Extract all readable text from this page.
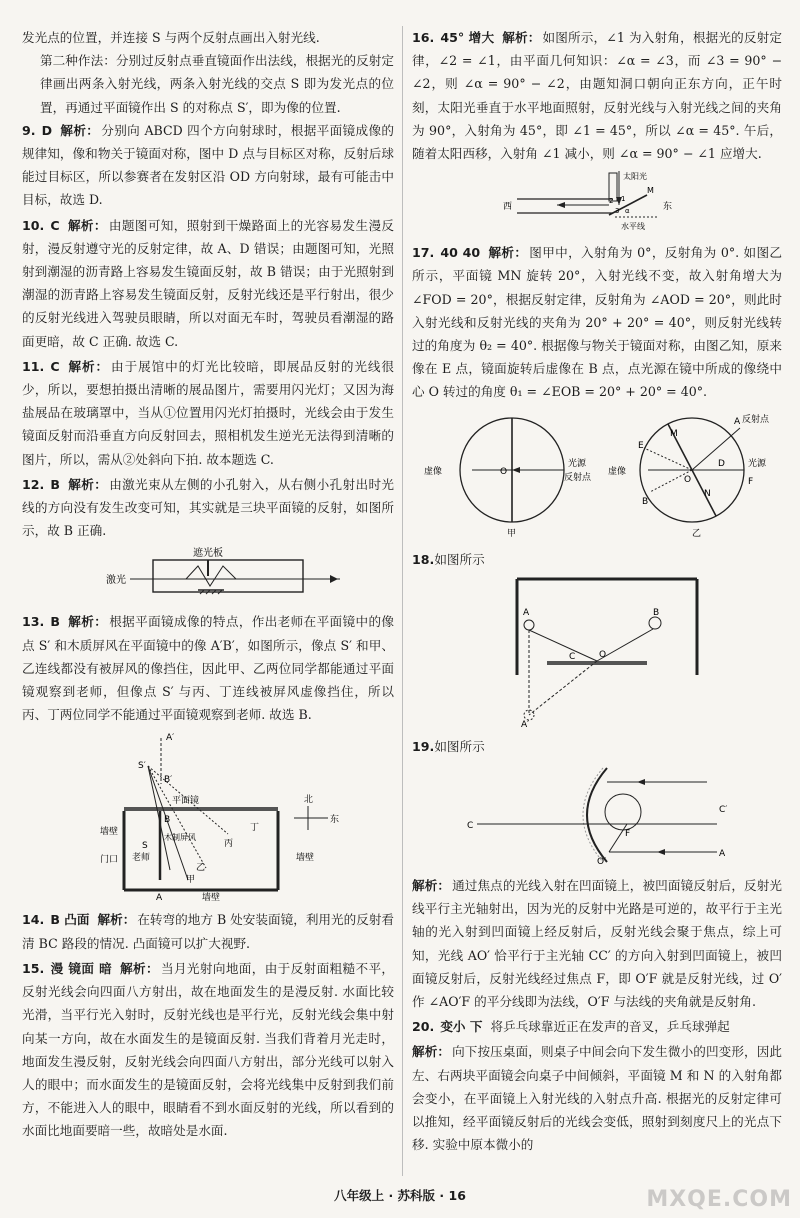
发光点的位置，并连接 S 与两个反射点画出入射光线.

第二种作法：分别过反射点垂直镜面作出法线，根据光的反射定律画出两条入射光线，两条入射光线的交点 S 即为发光点的位置，再通过平面镜作出 S 的对称点 S′，即为像的位置.

9. D 解析： 分别向 ABCD 四个方向射球时，根据平面镜成像的规律知，像和物关于镜面对称，图中 D 点与目标区对称，反射后球能过目标区，所以参赛者在发射区沿 OD 方向射球，最有可能击中目标，故选 D.
10. C 解析： 由题图可知，照射到干燥路面上的光容易发生漫反射，漫反射遵守光的反射定律，故 A、D 错误；由题图可知，光照射到潮湿的沥青路上容易发生镜面反射，故 B 错误；由于光照射到潮湿的沥青路上容易发生镜面反射，反射光线还是平行射出，很少的反射光线进入驾驶员眼睛，所以对面无车时，驾驶员看潮湿的路面更暗，故 C 正确. 故选 C.
11. C 解析： 由于展馆中的灯光比较暗，即展品反射的光线很少，所以，要想拍摄出清晰的展品图片，需要用闪光灯；又因为海盐展品在玻璃罩中，当从①位置用闪光灯拍摄时，光线会由于发生镜面反射而沿垂直方向反射回去，照相机发生逆光无法得到清晰的图片，所以，需从②处斜向下拍. 故本题选 C.
12. B 解析： 由激光束从左侧的小孔射入，从右侧小孔射出时光线的方向没有发生改变可知，其实就是三块平面镜的反射，如图所示，故 B 正确.
遮光板
激光
13. B 解析： 根据平面镜成像的特点，作出老师在平面镜中的像点 S′ 和木质屏风在平面镜中的像 A′B′，如图所示，像点 S′ 和甲、乙连线都没有被屏风的像挡住，因此甲、乙两位同学都能通过平面镜观察到老师，但像点 S′ 与丙、丁连线被屏风虚像挡住，所以丙、丁两位同学不能通过平面镜观察到老师. 故选 B.
A′
S′
B′
平面镜	北
东
墙壁
门口 老师
S
A
B
木制屏风
甲
乙
丙
丁
墙壁
墙壁
14. B 凸面 解析： 在转弯的地方 B 处安装面镜，利用光的反射看清 BC 路段的情况. 凸面镜可以扩大视野.
15. 漫 镜面 暗 解析： 当月光射向地面，由于反射面粗糙不平，反射光线会向四面八方射出，故在地面发生的是漫反射. 水面比较光滑，当平行光入射时，反射光线也是平行光，反射光线会集中射向某一方向，故在水面发生的是镜面反射. 当我们背着月光走时，地面发生漫反射，反射光线会向四面八方射出，部分光线可以射入人的眼中；而水面发生的是镜面反射，会将光线集中反射到我们前方，不能进入人的眼中，眼睛看不到水面反射的光线，所以看到的水面比地面要暗一些，故暗处是水面.
16. 45° 增大 解析： 如图所示，∠1 为入射角，根据光的反射定律，∠2 = ∠1，由平面几何知识：∠α = ∠3，而 ∠3 = 90° − ∠2，则 ∠α = 90° − ∠2，由题知洞口朝向正东方向，正午时刻，太阳光垂直于水平地面照射，反射光线与入射光线之间的夹角为 90°，入射角为 45°，即 ∠1 = 45°，所以 ∠α = 45°. 午后，随着太阳西移，入射角 ∠1 减小，则 ∠α = 90° − ∠1 应增大.
太阳光
西	东
M
1
2
3 α
水平线
17. 40 40 解析： 图甲中，入射角为 0°，反射角为 0°. 如图乙所示，平面镜 MN 旋转 20°，入射光线不变，故入射角增大为 ∠FOD = 20°，根据反射定律，反射角为 ∠AOD = 20°，则此时入射光线和反射光线的夹角为 20° + 20° = 40°，则反射光线转过的角度为 θ₂ = 40°. 根据像与物关于镜面对称，由图乙知，原来像在 E 点，镜面旋转后虚像在 B 点，点光源在镜中所成的像绕中心 O 转过的角度 θ₁ = ∠EOB = 20° + 20° = 40°.
虚像
光源
反射点
O
甲
虚像
光源
反射点
E
M
A
D
F
N
B
O
乙
18.如图所示
A	B
C	O
A′
19.如图所示
C
C′
A
F
O′
解析： 通过焦点的光线入射在凹面镜上，被凹面镜反射后，反射光线平行主光轴射出，因为光的反射中光路是可逆的，故平行于主光轴的光入射到凹面镜上经反射后，反射光线会聚于焦点，综上可知，光线 AO′ 恰平行于主光轴 CC′ 的方向入射到凹面镜上，被凹面镜反射后，反射光线经过焦点 F，即 O′F 就是反射光线，过 O′ 作 ∠AO′F 的平分线即为法线，O′F 与法线的夹角就是反射角.
20. 变小 下 将乒乓球靠近正在发声的音叉，乒乓球弹起
解析： 向下按压桌面，则桌子中间会向下发生微小的凹变形，因此左、右两块平面镜会向桌子中间倾斜，平面镜 M 和 N 的入射角都会变小，在平面镜上入射光线的入射点升高. 根据光的反射定律可以推知，经平面镜反射后的光线会变低，照射到刻度尺上的光点下移. 实验中原本微小的
八年级上 · 苏科版 · 16	MXQE.COM
